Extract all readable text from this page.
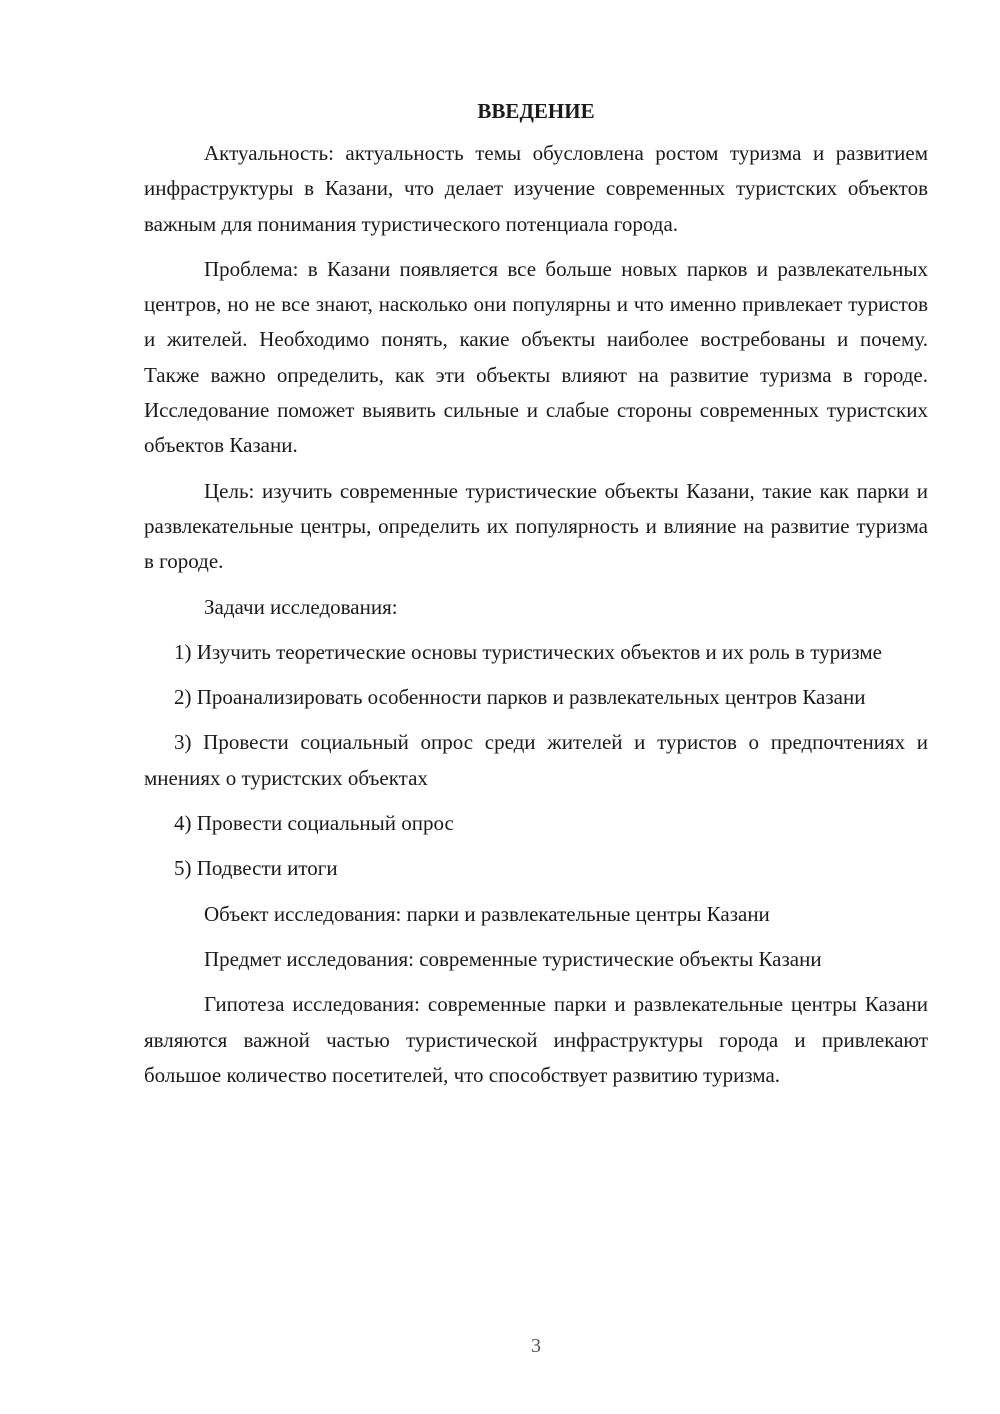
ВВЕДЕНИЕ

Актуальность: актуальность темы обусловлена ростом туризма и развитием инфраструктуры в Казани, что делает изучение современных туристских объектов важным для понимания туристического потенциала города.

Проблема: в Казани появляется все больше новых парков и развлекательных центров, но не все знают, насколько они популярны и что именно привлекает туристов и жителей. Необходимо понять, какие объекты наиболее востребованы и почему. Также важно определить, как эти объекты влияют на развитие туризма в городе. Исследование поможет выявить сильные и слабые стороны современных туристских объектов Казани.

Цель: изучить современные туристические объекты Казани, такие как парки и развлекательные центры, определить их популярность и влияние на развитие туризма в городе.

Задачи исследования:

1) Изучить теоретические основы туристических объектов и их роль в туризме

2) Проанализировать особенности парков и развлекательных центров Казани

3) Провести социальный опрос среди жителей и туристов о предпочтениях и мнениях о туристских объектах

4) Провести социальный опрос

5) Подвести итоги

Объект исследования: парки и развлекательные центры Казани

Предмет исследования: современные туристические объекты Казани

Гипотеза исследования: современные парки и развлекательные центры Казани являются важной частью туристической инфраструктуры города и привлекают большое количество посетителей, что способствует развитию туризма.

3
